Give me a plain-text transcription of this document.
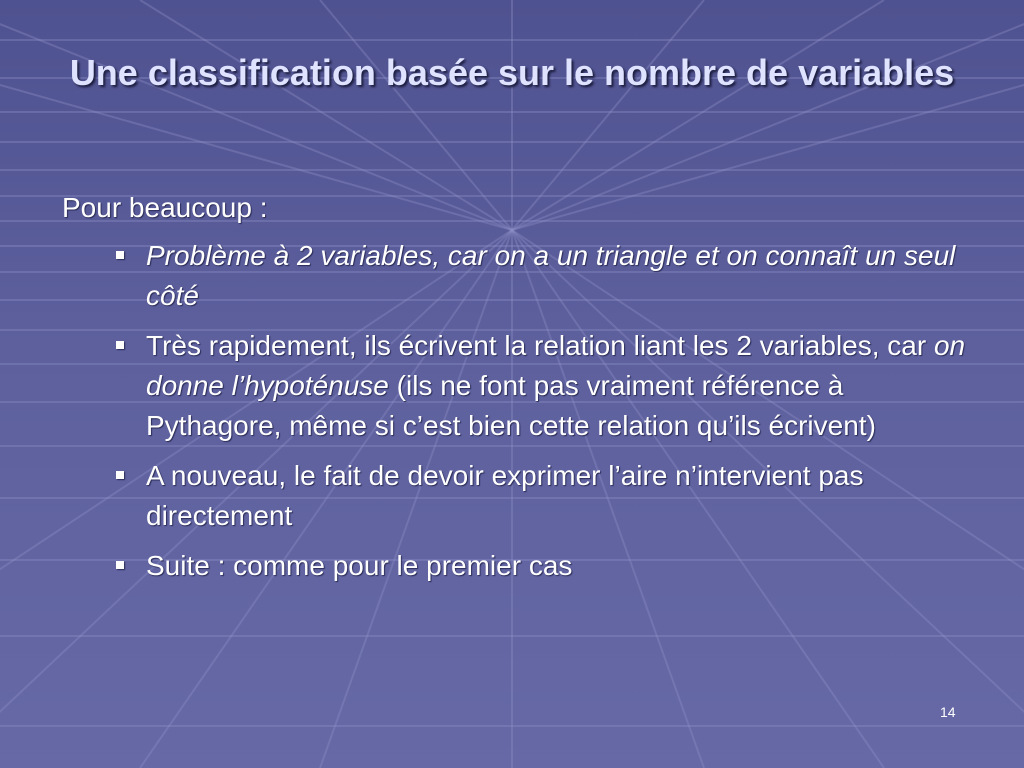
Une classification basée sur le nombre de variables
Pour beaucoup :
Problème à 2 variables, car on a un triangle et on connaît un seul côté
Très rapidement, ils écrivent la relation liant les 2 variables, car on donne l’hypoténuse (ils ne font pas vraiment référence à Pythagore, même si c’est bien cette relation qu’ils écrivent)
A nouveau, le fait de devoir exprimer l’aire n’intervient pas directement
Suite : comme pour le premier cas
14
